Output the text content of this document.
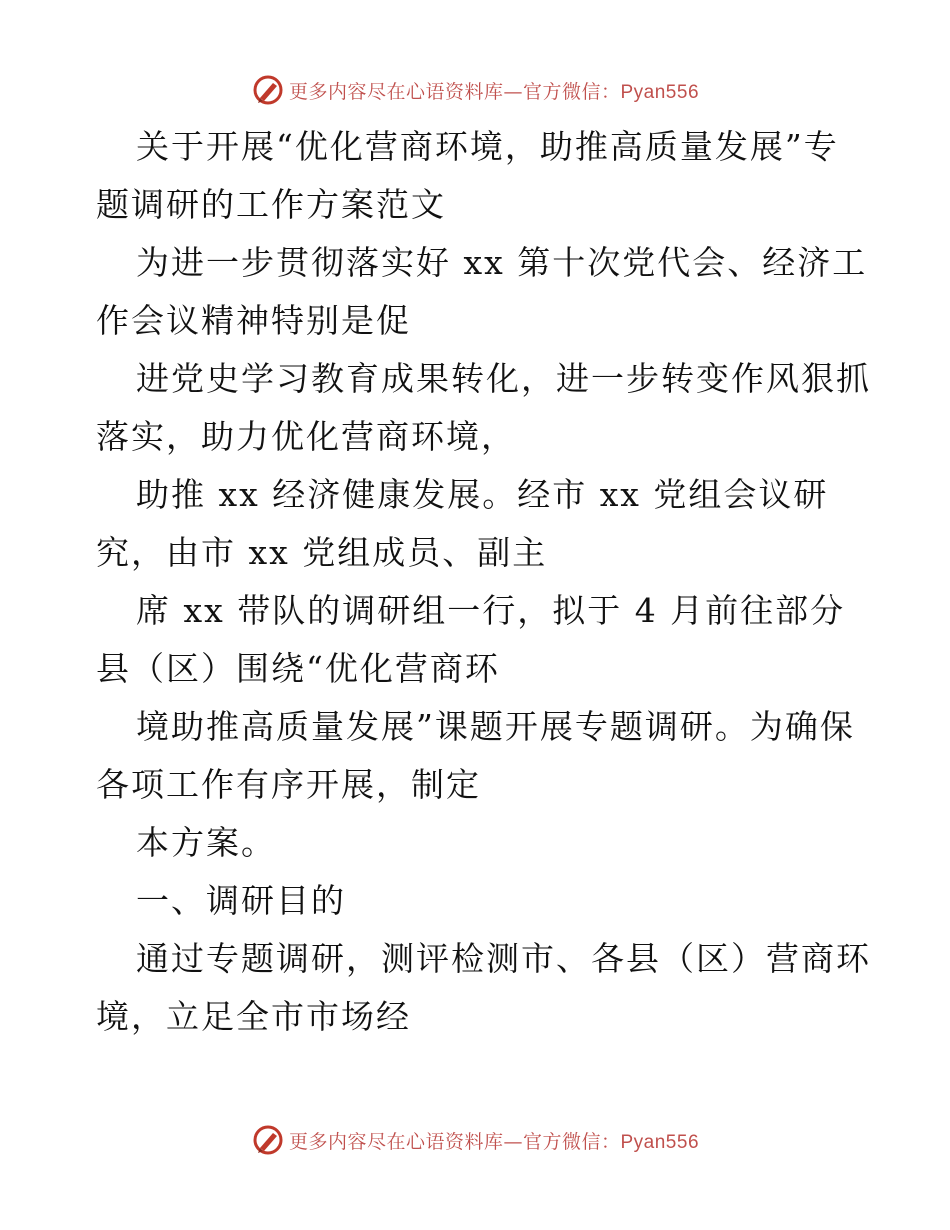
更多内容尽在心语资料库—官方微信：Pyan556
关于开展“优化营商环境，助推高质量发展”专
题调研的工作方案范文
为进一步贯彻落实好 xx 第十次党代会、经济工
作会议精神特别是促
进党史学习教育成果转化，进一步转变作风狠抓
落实，助力优化营商环境，
助推 xx 经济健康发展。经市 xx 党组会议研
究，由市 xx 党组成员、副主
席 xx 带队的调研组一行，拟于 4 月前往部分
县（区）围绕“优化营商环
境助推高质量发展”课题开展专题调研。为确保
各项工作有序开展，制定
本方案。
一、调研目的
通过专题调研，测评检测市、各县（区）营商环
境，立足全市市场经
更多内容尽在心语资料库—官方微信：Pyan556
